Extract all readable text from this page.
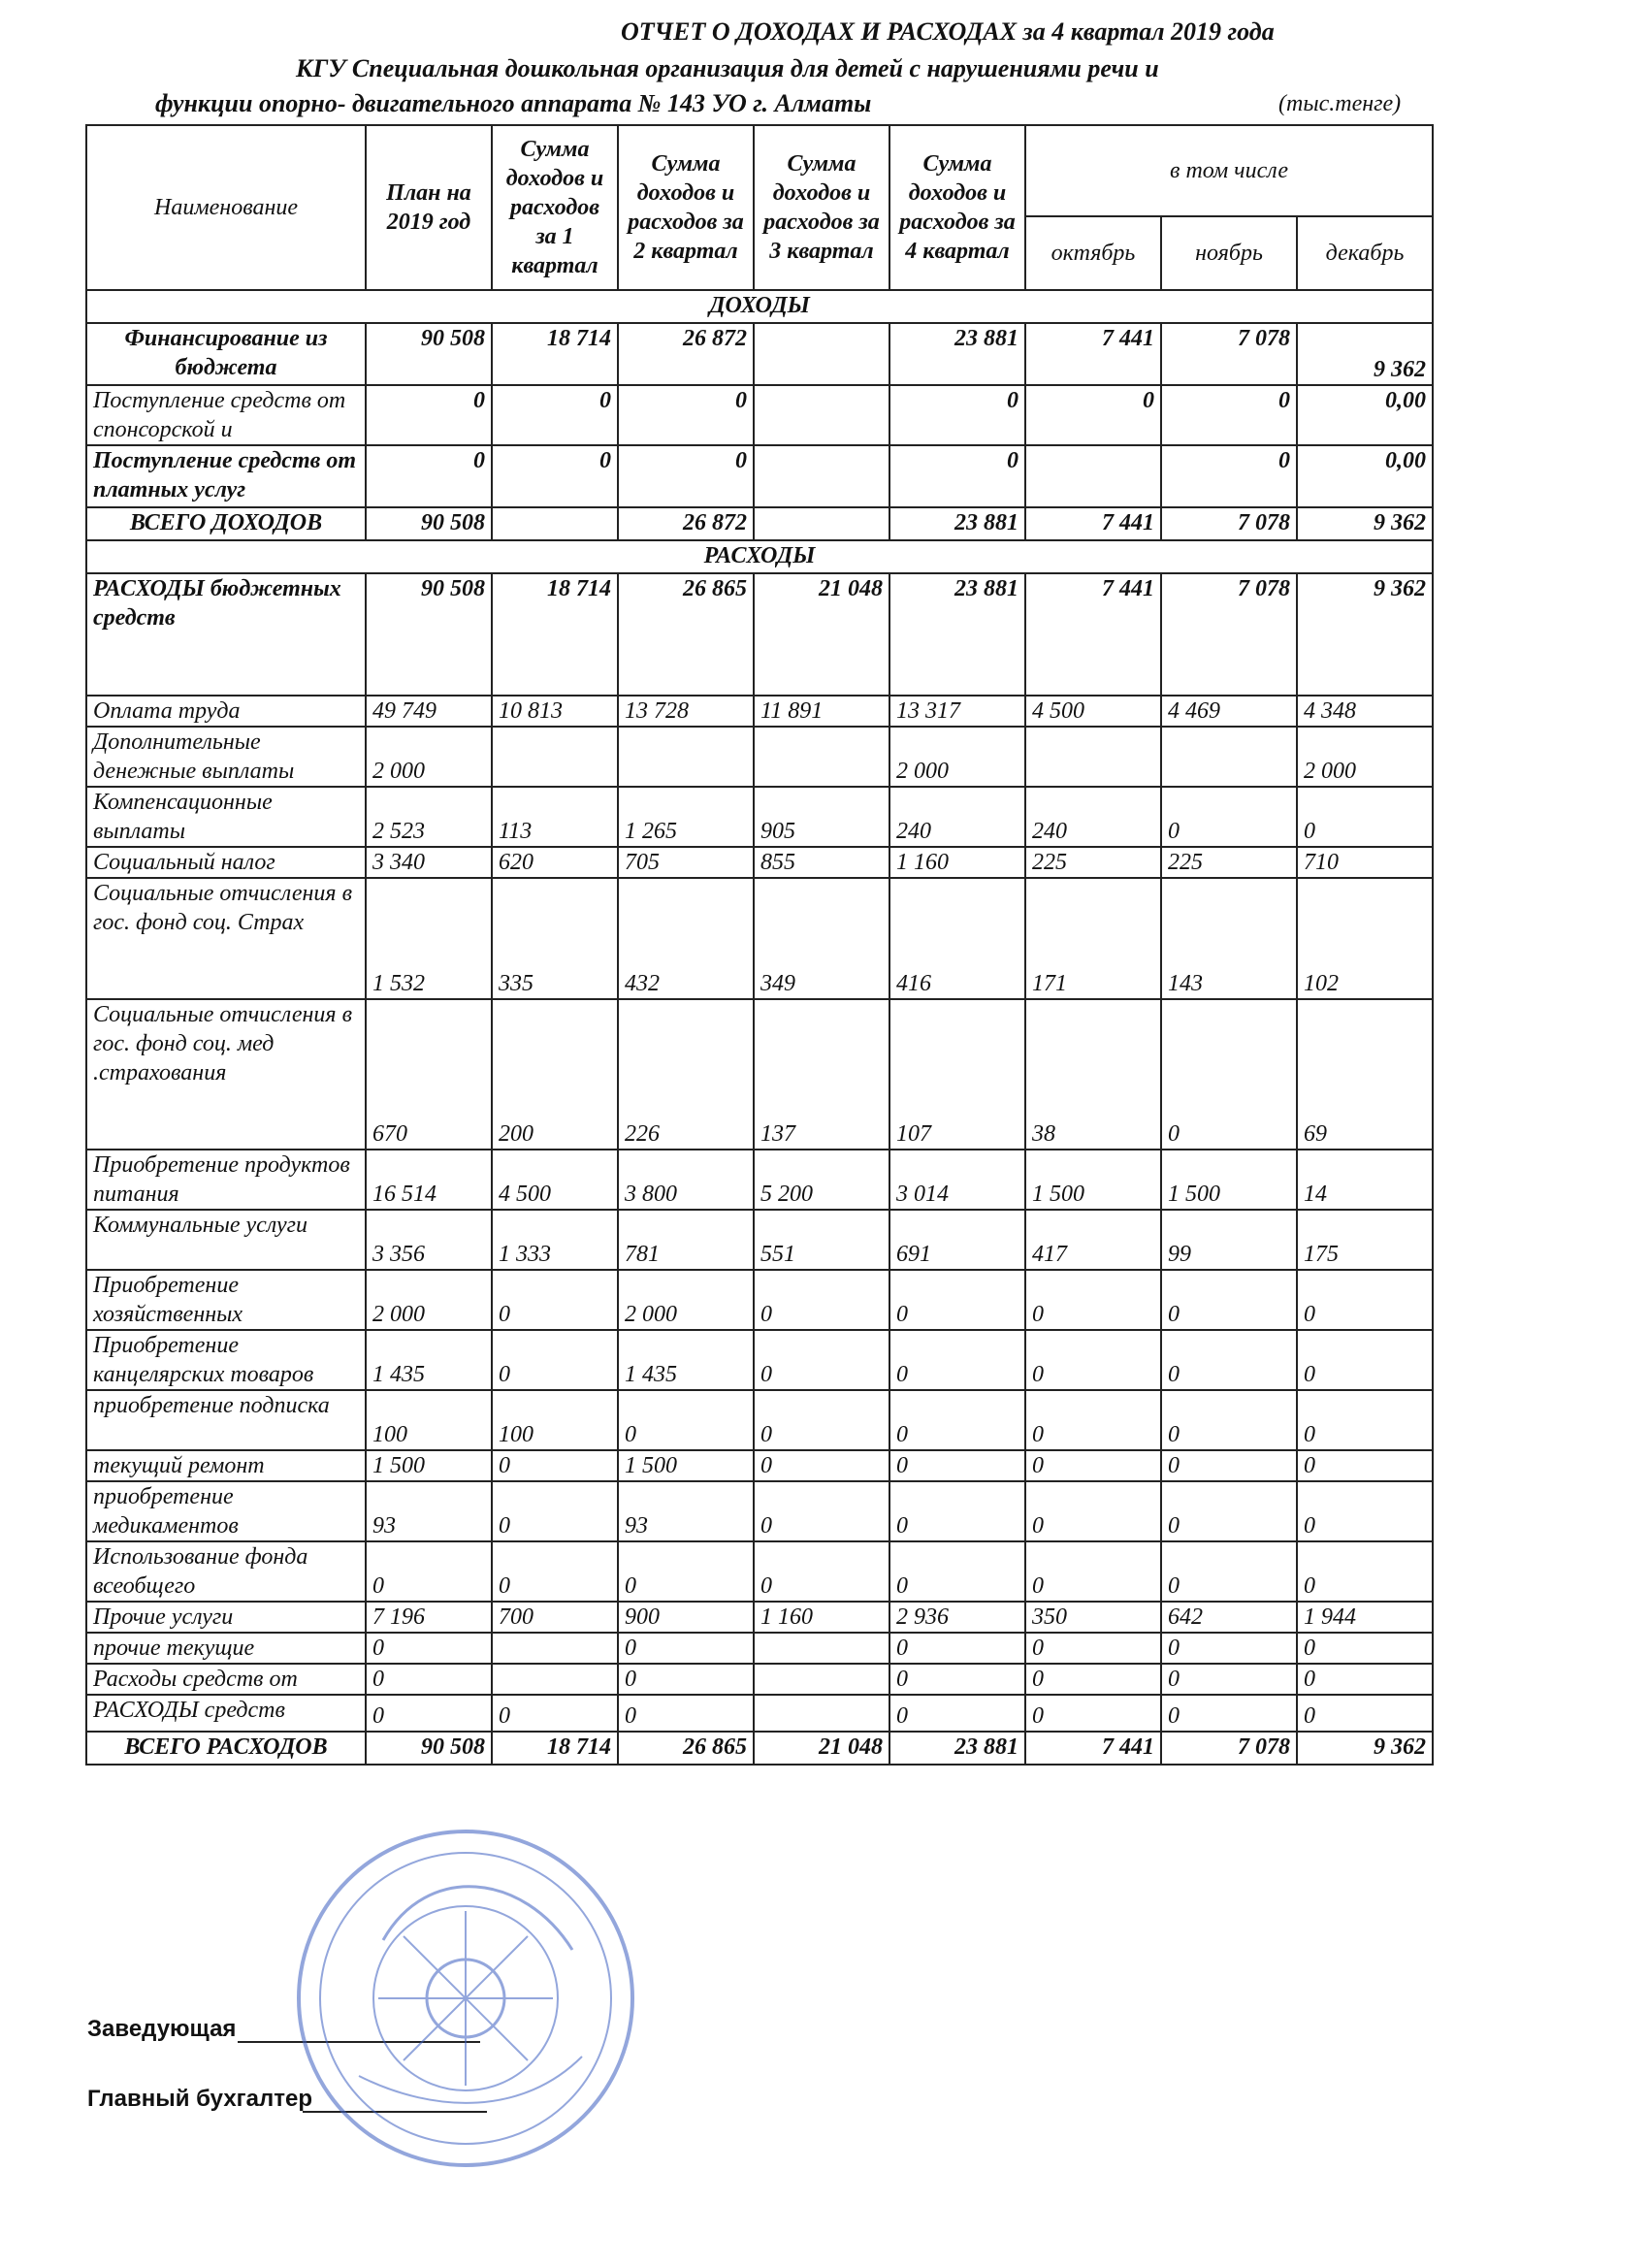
ОТЧЕТ О ДОХОДАХ И РАСХОДАХ за 4 квартал 2019 года
КГУ Специальная дошкольная организация для детей с нарушениями речи и
функции опорно- двигательного аппарата № 143 УО г. Алматы	(тыс.тенге)
Наименование	План на 2019 год	Сумма доходов и расходов за 1 квартал	Сумма доходов и расходов за 2 квартал	Сумма доходов и расходов за 3 квартал	Сумма доходов и расходов за 4 квартал	в том числе		
						октябрь	ноябрь	декабрь
ДОХОДЫ								
Финансирование из бюджета	90 508	18 714	26 872		23 881	7 441	7 078	9 362
Поступление средств от спонсорской и	0	0	0		0	0	0	0,00
Поступление средств от платных услуг	0	0	0		0		0	0,00
ВСЕГО ДОХОДОВ	90 508		26 872		23 881	7 441	7 078	9 362
РАСХОДЫ								
РАСХОДЫ бюджетных средств	90 508	18 714	26 865	21 048	23 881	7 441	7 078	9 362
Оплата труда	49 749	10 813	13 728	11 891	13 317	4 500	4 469	4 348
Дополнительные денежные выплаты	2 000				2 000			2 000
Компенсационные выплаты	2 523	113	1 265	905	240	240	0	0
Социальный налог	3 340	620	705	855	1 160	225	225	710
Социальные отчисления в гос. фонд соц. Страх	1 532	335	432	349	416	171	143	102
Социальные отчисления в гос. фонд соц. мед .страхования	670	200	226	137	107	38	0	69
Приобретение продуктов питания	16 514	4 500	3 800	5 200	3 014	1 500	1 500	14
Коммунальные услуги	3 356	1 333	781	551	691	417	99	175
Приобретение хозяйственных	2 000	0	2 000	0	0	0	0	0
Приобретение канцелярских товаров	1 435	0	1 435	0	0	0	0	0
приобретение подписка	100	100	0	0	0	0	0	0
текущий ремонт	1 500	0	1 500	0	0	0	0	0
приобретение медикаментов	93	0	93	0	0	0	0	0
Использование фонда всеобщего	0	0	0	0	0	0	0	0
Прочие услуги	7 196	700	900	1 160	2 936	350	642	1 944
прочие текущие	0		0		0	0	0	0
Расходы средств от	0		0		0	0	0	0
РАСХОДЫ средств	0	0	0		0	0	0	0
ВСЕГО РАСХОДОВ	90 508	18 714	26 865	21 048	23 881	7 441	7 078	9 362
Заведующая
Главный бухгалтер
